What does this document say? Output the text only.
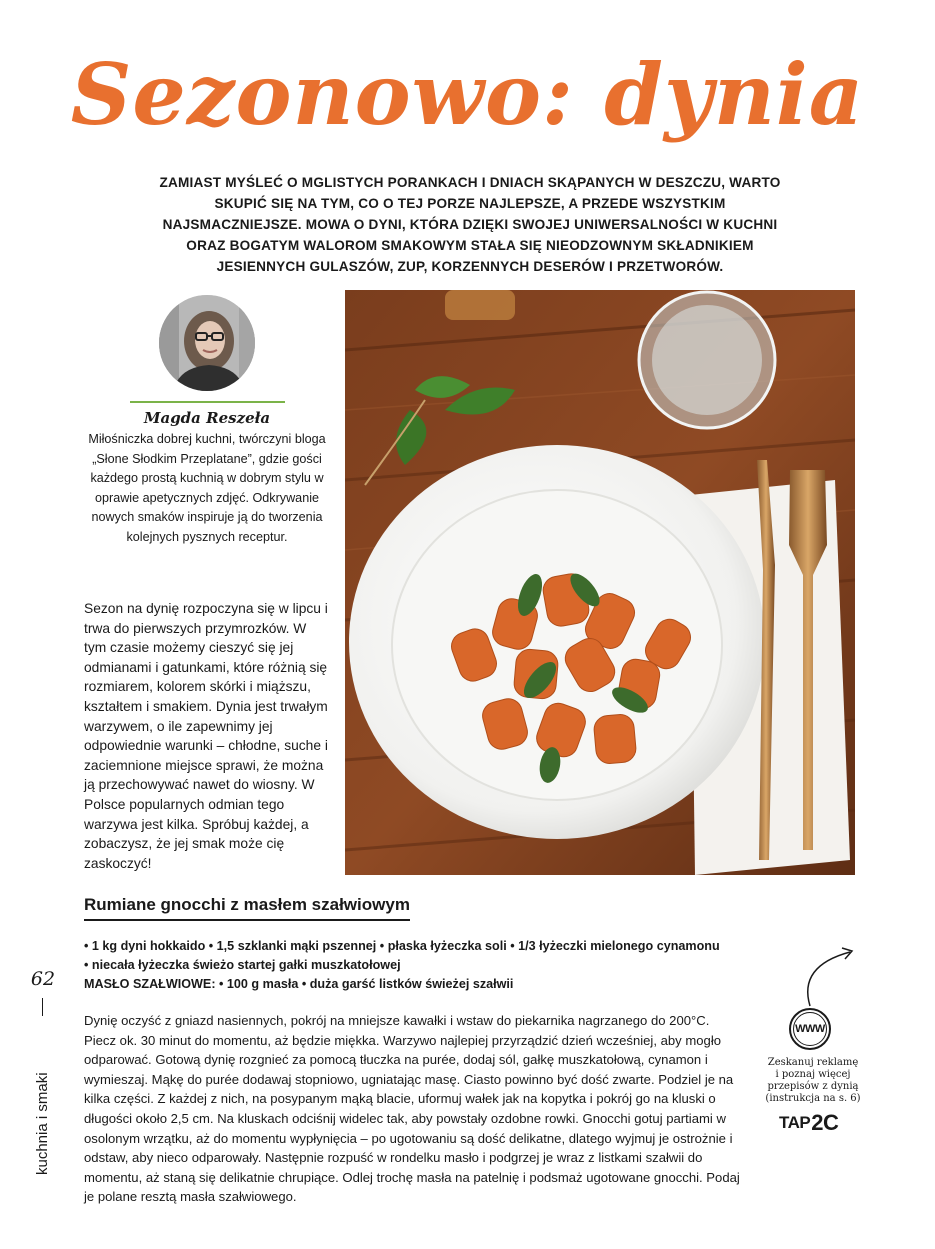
Sezonowo: dynia

ZAMIAST MYŚLEĆ O MGLISTYCH PORANKACH I DNIACH SKĄPANYCH W DESZCZU, WARTO SKUPIĆ SIĘ NA TYM, CO O TEJ PORZE NAJLEPSZE, A PRZEDE WSZYSTKIM NAJSMACZNIEJSZE. MOWA O DYNI, KTÓRA DZIĘKI SWOJEJ UNIWERSALNOŚCI W KUCHNI ORAZ BOGATYM WALOROM SMAKOWYM STAŁA SIĘ NIEODZOWNYM SKŁADNIKIEM JESIENNYCH GULASZÓW, ZUP, KORZENNYCH DESERÓW I PRZETWORÓW.

Magda Reszeła

Miłośniczka dobrej kuchni, twórczyni bloga „Słone Słodkim Przeplatane”, gdzie gości każdego prostą kuchnią w dobrym stylu w oprawie apetycznych zdjęć. Odkrywanie nowych smaków inspiruje ją do tworzenia kolejnych pysznych receptur.

Sezon na dynię rozpoczyna się w lipcu i trwa do pierwszych przymrozków. W tym czasie możemy cieszyć się jej odmianami i gatunkami, które różnią się rozmiarem, kolorem skórki i miąższu, kształtem i smakiem. Dynia jest trwałym warzywem, o ile zapewnimy jej odpowiednie warunki – chłodne, suche i zaciemnione miejsce sprawi, że można ją przechowywać nawet do wiosny. W Polsce popularnych odmian tego warzywa jest kilka. Spróbuj każdej, a zobaczysz, że jej smak może cię zaskoczyć!

Rumiane gnocchi z masłem szałwiowym

• 1 kg dyni hokkaido • 1,5 szklanki mąki pszennej • płaska łyżeczka soli • 1/3 łyżeczki mielonego cynamonu

• niecała łyżeczka świeżo startej gałki muszkatołowej

MASŁO SZAŁWIOWE: • 100 g masła • duża garść listków świeżej szałwii

Dynię oczyść z gniazd nasiennych, pokrój na mniejsze kawałki i wstaw do piekarnika nagrzanego do 200°C. Piecz ok. 30 minut do momentu, aż będzie miękka. Warzywo najlepiej przyrządzić dzień wcześniej, aby mogło odparować. Gotową dynię rozgnieć za pomocą tłuczka na purée, dodaj sól, gałkę muszkatołową, cynamon i wymieszaj. Mąkę do purée dodawaj stopniowo, ugniatając masę. Ciasto powinno być dość zwarte. Podziel je na kilka części. Z każdej z nich, na posypanym mąką blacie, uformuj wałek jak na kopytka i pokrój go na kluski o długości około 2,5 cm. Na kluskach odciśnij widelec tak, aby powstały ozdobne rowki. Gnocchi gotuj partiami w osolonym wrzątku, aż do momentu wypłynięcia – po ugotowaniu są dość delikatne, dlatego wyjmuj je ostrożnie i odstaw, aby nieco odparowały. Następnie rozpuść w rondelku masło i podgrzej je wraz z listkami szałwii do momentu, aż staną się delikatnie chrupiące. Odlej trochę masła na patelnię i podsmaż ugotowane gnocchi. Podaj je polane resztą masła szałwiowego.

62
kuchnia i smaki
WWW

Zeskanuj reklamę
i poznaj więcej
przepisów z dynią
(instrukcja na s. 6)

TAP 2C
